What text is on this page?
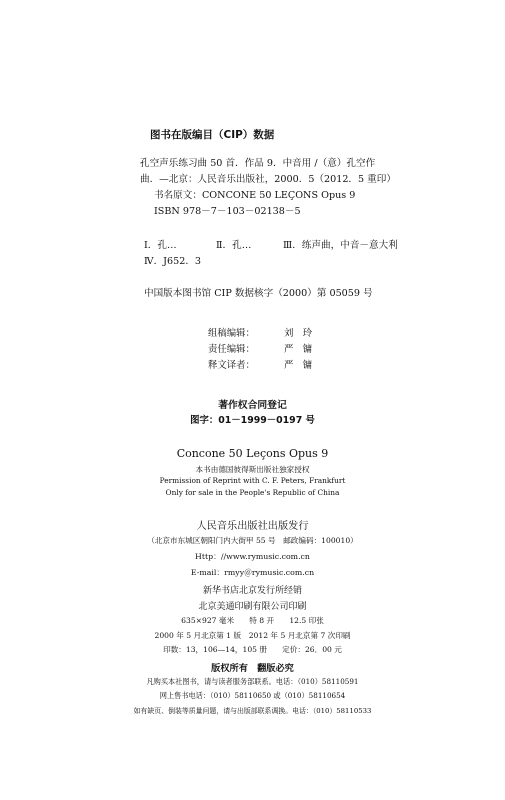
图书在版编目（CIP）数据
孔空声乐练习曲 50 首．作品 9．中音用 /（意）孔空作
曲．—北京：人民音乐出版社，2000．5（2012．5 重印）
书名原文：CONCONE 50 LEÇONS Opus 9
ISBN 978－7－103－02138－5
Ⅰ．孔…	Ⅱ．孔…	Ⅲ．练声曲，中音－意大利
Ⅳ．J652．3
中国版本图书馆 CIP 数据核字（2000）第 05059 号
组稿编辑：	刘　玲
责任编辑：	严　镛
释文译者：	严　镛
著作权合同登记
图字：01－1999－0197 号
Concone 50 Leçons Opus 9
本书由德国彼得斯出版社独家授权
Permission of Reprint with C. F. Peters, Frankfurt
Only for sale in the People's Republic of China
人民音乐出版社出版发行
（北京市东城区朝阳门内大街甲 55 号　邮政编码：100010）
Http：//www.rymusic.com.cn
E-mail：rmyy＠rymusic.com.cn
新华书店北京发行所经销
北京美通印刷有限公司印刷
635×927 毫米　　特 8 开　　12.5 印张
2000 年 5 月北京第 1 版　2012 年 5 月北京第 7 次印刷
印数：13，106—14，105 册　　定价：26．00 元
版权所有　翻版必究
凡购买本社图书，请与读者服务部联系。电话：（010）58110591
网上售书电话：（010）58110650 或（010）58110654
如有缺页、倒装等质量问题，请与出版部联系调换。电话：（010）58110533
